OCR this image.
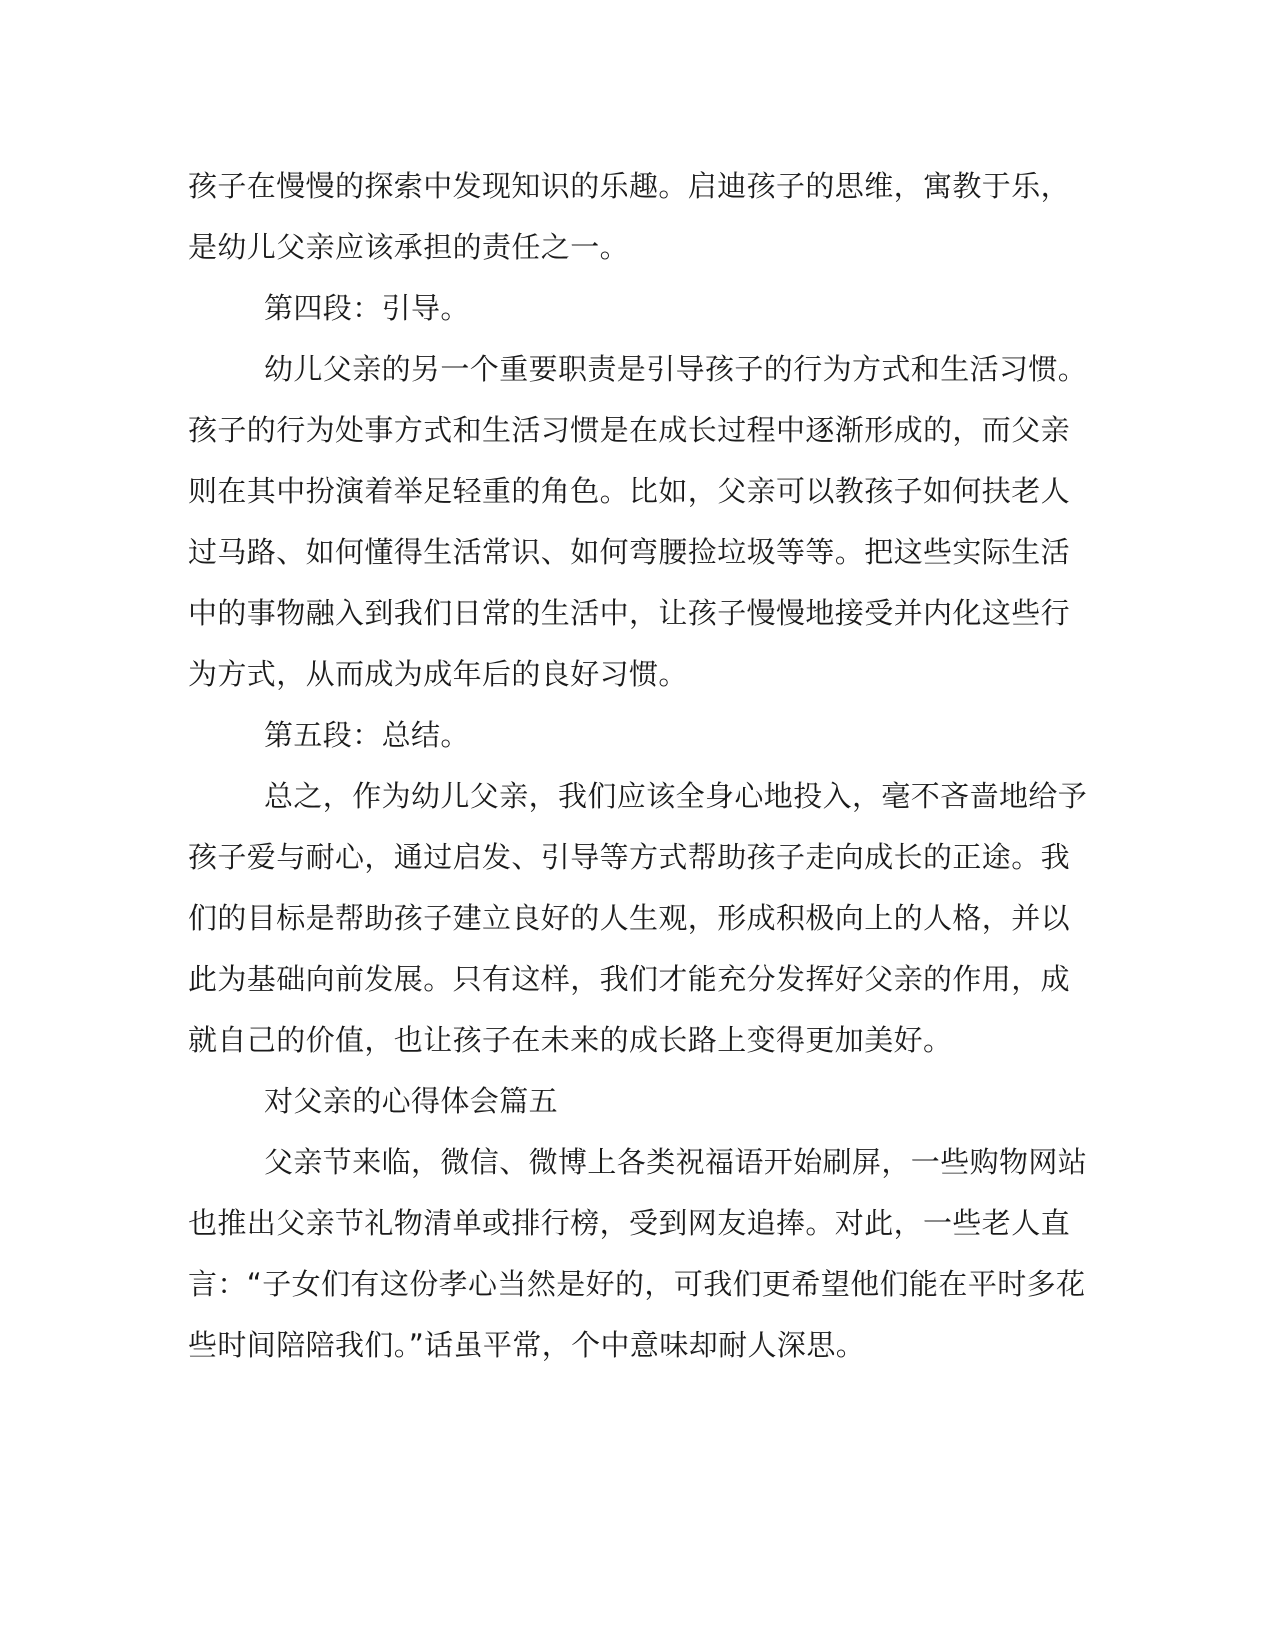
孩子在慢慢的探索中发现知识的乐趣。启迪孩子的思维，寓教于乐，

是幼儿父亲应该承担的责任之一。

第四段：引导。

幼儿父亲的另一个重要职责是引导孩子的行为方式和生活习惯。

孩子的行为处事方式和生活习惯是在成长过程中逐渐形成的，而父亲

则在其中扮演着举足轻重的角色。比如，父亲可以教孩子如何扶老人

过马路、如何懂得生活常识、如何弯腰捡垃圾等等。把这些实际生活

中的事物融入到我们日常的生活中，让孩子慢慢地接受并内化这些行

为方式，从而成为成年后的良好习惯。

第五段：总结。

总之，作为幼儿父亲，我们应该全身心地投入，毫不吝啬地给予

孩子爱与耐心，通过启发、引导等方式帮助孩子走向成长的正途。我

们的目标是帮助孩子建立良好的人生观，形成积极向上的人格，并以

此为基础向前发展。只有这样，我们才能充分发挥好父亲的作用，成

就自己的价值，也让孩子在未来的成长路上变得更加美好。

对父亲的心得体会篇五

父亲节来临，微信、微博上各类祝福语开始刷屏，一些购物网站

也推出父亲节礼物清单或排行榜，受到网友追捧。对此，一些老人直

言：“子女们有这份孝心当然是好的，可我们更希望他们能在平时多花

些时间陪陪我们。”话虽平常，个中意味却耐人深思。
